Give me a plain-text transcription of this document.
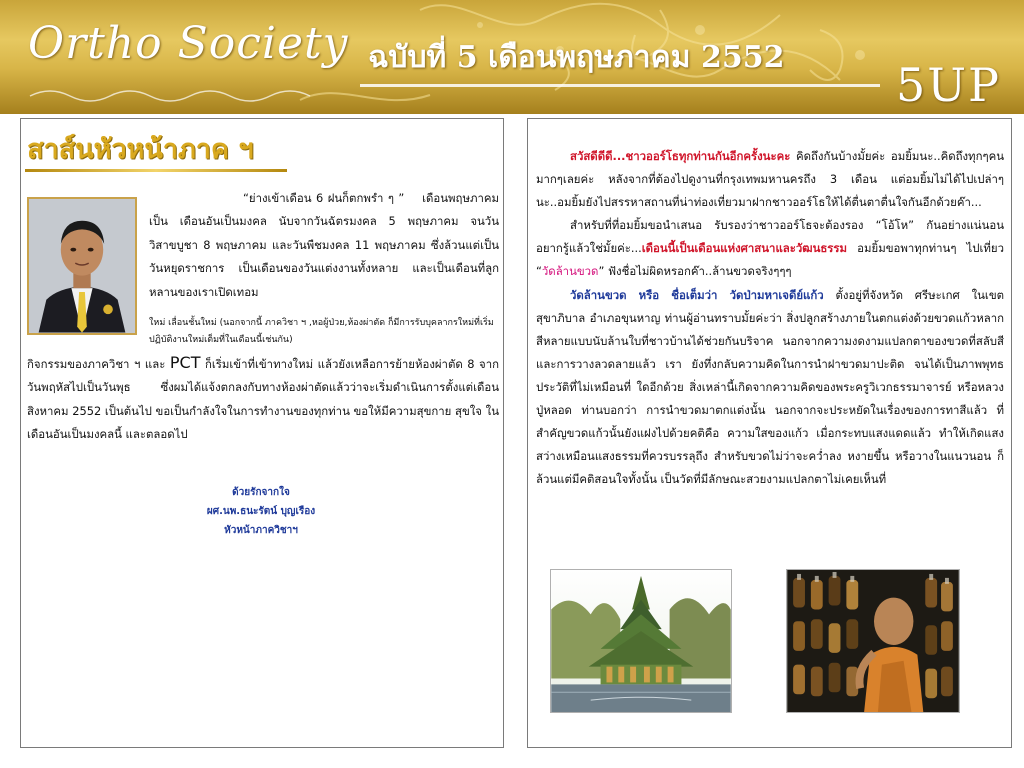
Ortho Society ฉบับที่ 5 เดือนพฤษภาคม 2552
5UP
สาส์นหัวหน้าภาค ฯ

“ย่างเข้าเดือน 6 ฝนก็ตกพรำ ๆ ” เดือนพฤษภาคม เป็น เดือนอันเป็นมงคล นับจากวันฉัตรมงคล 5 พฤษภาคม จนวันวิสาขบูชา 8 พฤษภาคม และวันพืชมงคล 11 พฤษภาคม ซึ่งล้วนแต่เป็นวันหยุดราชการ เป็นเดือนของวันแต่งงานทั้งหลาย และเป็นเดือนที่ลูกหลานของเราเปิดเทอม

ใหม่ เลื่อนชั้นใหม่ (นอกจากนี้ ภาควิชา ฯ ,หอผู้ป่วย,ห้องผ่าตัด ก็มีการรับบุคลากรใหม่ที่เริ่มปฏิบัติงานใหม่เต็มที่ในเดือนนี้เช่นกัน)

กิจกรรมของภาควิชา ฯ และ PCT ก็เริ่มเข้าที่เข้าทางใหม่ แล้วยังเหลือการย้ายห้องผ่าตัด 8 จากวันพฤหัสไปเป็นวันพุธ ซึ่งผมได้แจ้งตกลงกับทางห้องผ่าตัดแล้วว่าจะเริ่มดำเนินการตั้งแต่เดือน สิงหาคม 2552 เป็นต้นไป ขอเป็นกำลังใจในการทำงานของทุกท่าน ขอให้มีความสุขกาย สุขใจ ในเดือนอันเป็นมงคลนี้ และตลอดไป

ด้วยรักจากใจ
ผศ.นพ.ธนะรัตน์ บุญเรือง
หัวหน้าภาควิชาฯ

สวัสดีดีดี...ชาวออร์โธทุกท่านกันอีกครั้งนะคะ คิดถึงกันบ้างมั้ยค่ะ อมยิ้มนะ..คิดถึงทุกๆคนมากๆเลยค่ะ หลังจากที่ต้องไปดูงานที่กรุงเทพมหานครถึง 3 เดือน แต่อมยิ้มไม่ได้ไปเปล่าๆนะ..อมยิ้มยังไปสรรหาสถานที่น่าท่องเที่ยวมาฝากชาวออร์โธให้ได้ตื่นตาตื่นใจกันอีกด้วยค๊า...
สำหรับที่ที่อมยิ้มขอนำเสนอ รับรองว่าชาวออร์โธจะต้องรอง “โอ้โห” กันอย่างแน่นอน อยากรู้แล้วใช่มั้ยค่ะ...เดือนนี้เป็นเดือนแห่งศาสนาและวัฒนธรรม อมยิ้มขอพาทุกท่านๆ ไปเที่ยว “วัดล้านขวด” ฟังชื่อไม่ผิดหรอกค๊า..ล้านขวดจริงๆๆๆ
วัดล้านขวด หรือ ชื่อเต็มว่า วัดป่ามหาเจดีย์แก้ว ตั้งอยู่ที่จังหวัด ศรีษะเกศ ในเขตสุขาภิบาล อำเภอขุนหาญ ท่านผู้อ่านทราบมั้ยค่ะว่า สิ่งปลูกสร้างภายในตกแต่งด้วยขวดแก้วหลากสีหลายแบบนับล้านใบที่ชาวบ้านได้ช่วยกันบริจาค นอกจากความงดงามแปลกตาของขวดที่สลับสี และการวางลวดลายแล้ว เรา ยังทึ่งกลับความคิดในการนำฝาขวดมาปะติด จนได้เป็นภาพพุทธประวัติที่ไม่เหมือนที่ ใดอีกด้วย สิ่งเหล่านี้เกิดจากความคิดของพระครูวิเวกธรรมาจารย์ หรือหลวงปู่หลอด ท่านบอกว่า การนำขวดมาตกแต่งนั้น นอกจากจะประหยัดในเรื่องของการทาสีแล้ว ที่สำคัญขวดแก้วนั้นยังแฝงไปด้วยคติคือ ความใสของแก้ว เมื่อกระทบแสงแดดแล้ว ทำให้เกิดแสงสว่างเหมือนแสงธรรมที่ควรบรรลุถึง สำหรับขวดไม่ว่าจะคว่ำลง หงายขึ้น หรือวางในแนวนอน ก็ล้วนแต่มีคติสอนใจทั้งนั้น เป็นวัดที่มีลักษณะสวยงามแปลกตาไม่เคยเห็นที่
